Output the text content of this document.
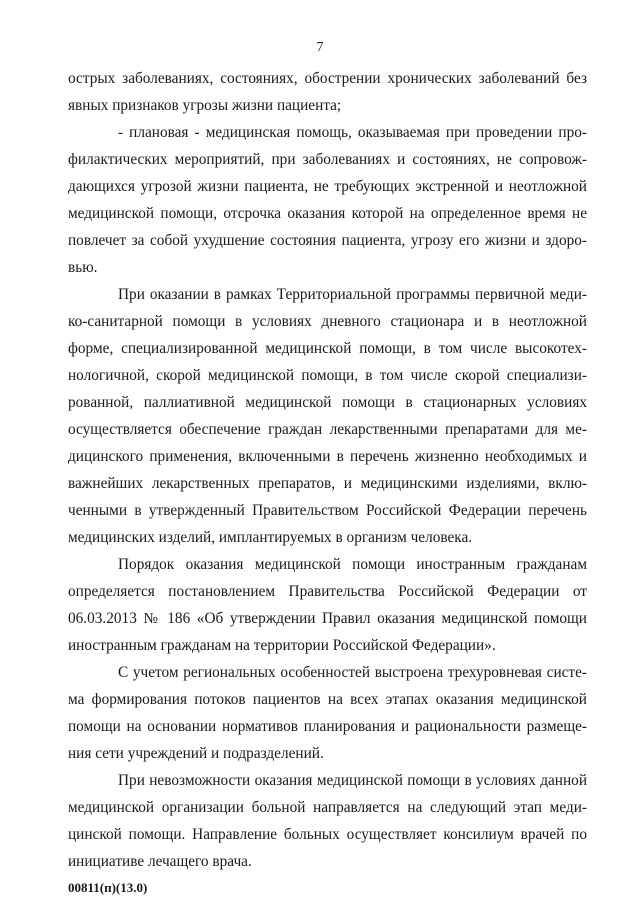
7
острых заболеваниях, состояниях, обострении хронических заболеваний без
явных признаков угрозы жизни пациента;
- плановая - медицинская помощь, оказываемая при проведении про-
филактических мероприятий, при заболеваниях и состояниях, не сопровож-
дающихся угрозой жизни пациента, не требующих экстренной и неотложной
медицинской помощи, отсрочка оказания которой на определенное время не
повлечет за собой ухудшение состояния пациента, угрозу его жизни и здоро-
вью.
При оказании в рамках Территориальной программы первичной меди-
ко-санитарной помощи в условиях дневного стационара и в неотложной
форме, специализированной медицинской помощи, в том числе высокотех-
нологичной, скорой медицинской помощи, в том числе скорой специализи-
рованной, паллиативной медицинской помощи в стационарных условиях
осуществляется обеспечение граждан лекарственными препаратами для ме-
дицинского применения, включенными в перечень жизненно необходимых и
важнейших лекарственных препаратов, и медицинскими изделиями, вклю-
ченными в утвержденный Правительством Российской Федерации перечень
медицинских изделий, имплантируемых в организм человека.
Порядок оказания медицинской помощи иностранным гражданам
определяется постановлением Правительства Российской Федерации от
06.03.2013 № 186 «Об утверждении Правил оказания медицинской помощи
иностранным гражданам на территории Российской Федерации».
С учетом региональных особенностей выстроена трехуровневая систе-
ма формирования потоков пациентов на всех этапах оказания медицинской
помощи на основании нормативов планирования и рациональности размеще-
ния сети учреждений и подразделений.
При невозможности оказания медицинской помощи в условиях данной
медицинской организации больной направляется на следующий этап меди-
цинской помощи. Направление больных осуществляет консилиум врачей по
инициативе лечащего врача.
00811(п)(13.0)
